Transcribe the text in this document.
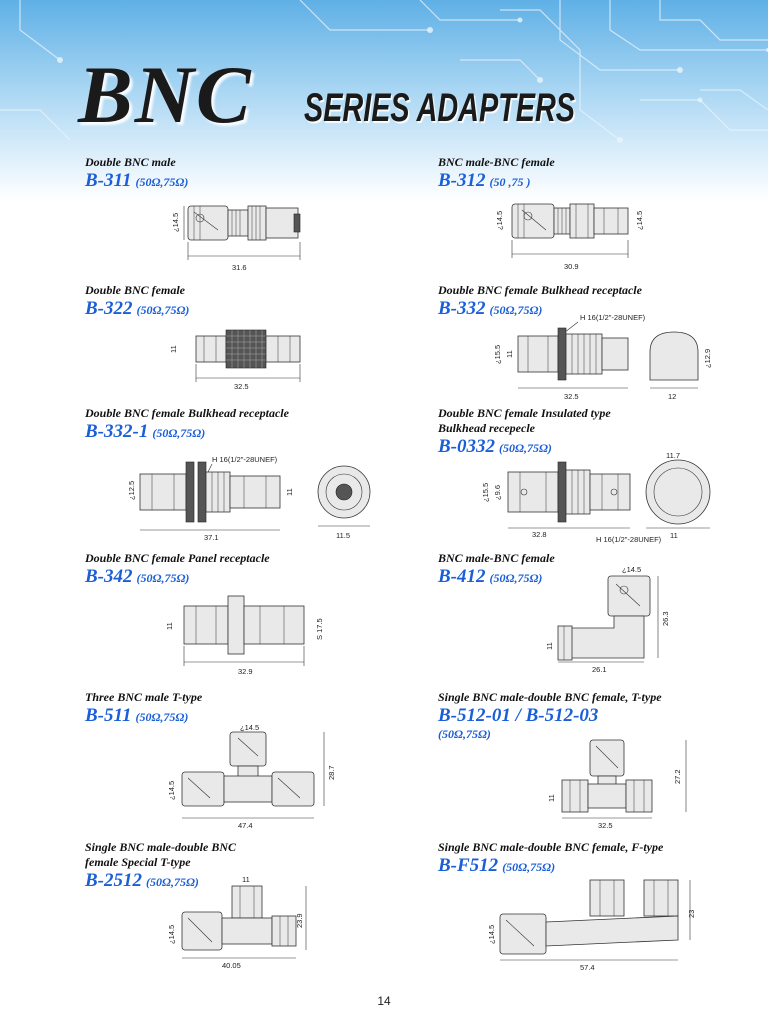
BNC SERIES ADAPTERS
Double BNC male
B-311 (50Ω,75Ω)
¿14.5
31.6
BNC male-BNC female
B-312 (50 ,75 )
¿14.5	¿14.5
30.9
Double BNC female
B-322 (50Ω,75Ω)
11
32.5
Double BNC female Bulkhead receptacle
B-332 (50Ω,75Ω)
H 16(1/2"-28UNEF)
¿15.5 11
32.5	12
¿12.9
Double BNC female Bulkhead receptacle
B-332-1 (50Ω,75Ω)
H 16(1/2"-28UNEF)
¿12.5	11
37.1	11.5
Double BNC female Insulated type
Bulkhead recepecle
B-0332 (50Ω,75Ω)
11.7
¿15.5 ¿9.6
32.8
H 16(1/2"-28UNEF) 11
Double BNC female Panel receptacle
B-342 (50Ω,75Ω)
11	S 17.5
32.9
BNC male-BNC female
B-412 (50Ω,75Ω)
¿14.5
11
26.3
26.1
Three BNC male T-type
B-511 (50Ω,75Ω)
¿14.5
¿14.5
28.7
47.4
Single BNC male-double BNC female, T-type
B-512-01 / B-512-03
(50Ω,75Ω)
11
27.2
32.5
Single BNC male-double BNC
female Special T-type
B-2512 (50Ω,75Ω)	11
¿14.5
23.9
40.05
Single BNC male-double BNC female, F-type
B-F512 (50Ω,75Ω)
¿14.5
23
57.4
14
